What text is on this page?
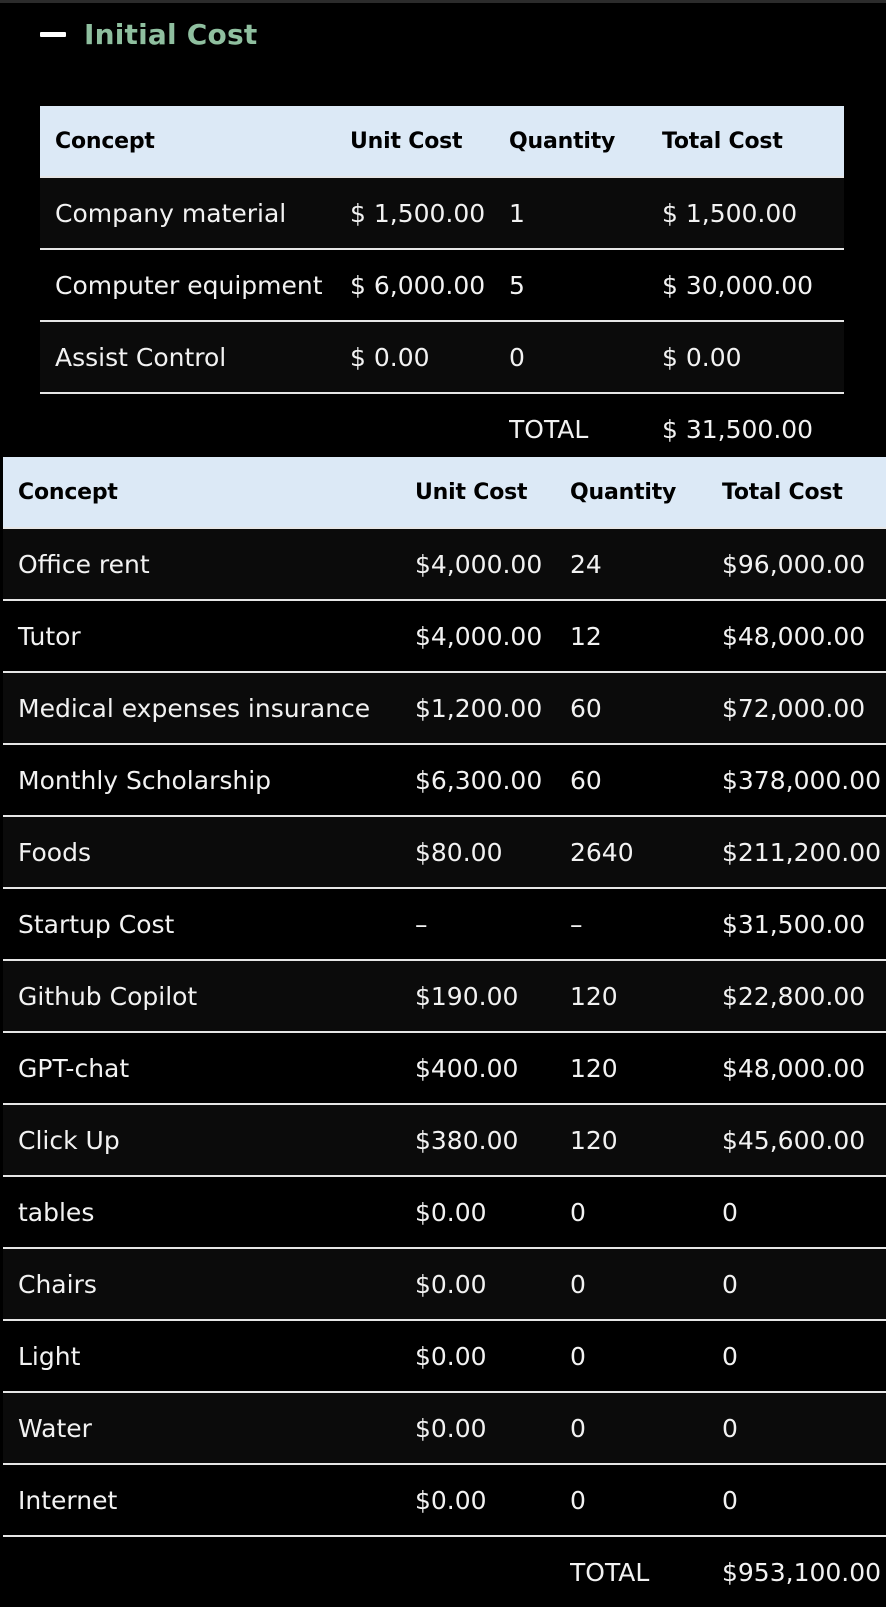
Initial Cost
Concept	Unit Cost	Quantity	Total Cost
Company material	$ 1,500.00	1	$ 1,500.00
Computer equipment	$ 6,000.00	5	$ 30,000.00
Assist Control	$ 0.00	0	$ 0.00
		TOTAL	$ 31,500.00
Concept	Unit Cost	Quantity	Total Cost
Office rent	$4,000.00	24	$96,000.00
Tutor	$4,000.00	12	$48,000.00
Medical expenses insurance	$1,200.00	60	$72,000.00
Monthly Scholarship	$6,300.00	60	$378,000.00
Foods	$80.00	2640	$211,200.00
Startup Cost	–	–	$31,500.00
Github Copilot	$190.00	120	$22,800.00
GPT-chat	$400.00	120	$48,000.00
Click Up	$380.00	120	$45,600.00
tables	$0.00	0	0
Chairs	$0.00	0	0
Light	$0.00	0	0
Water	$0.00	0	0
Internet	$0.00	0	0
		TOTAL	$953,100.00
